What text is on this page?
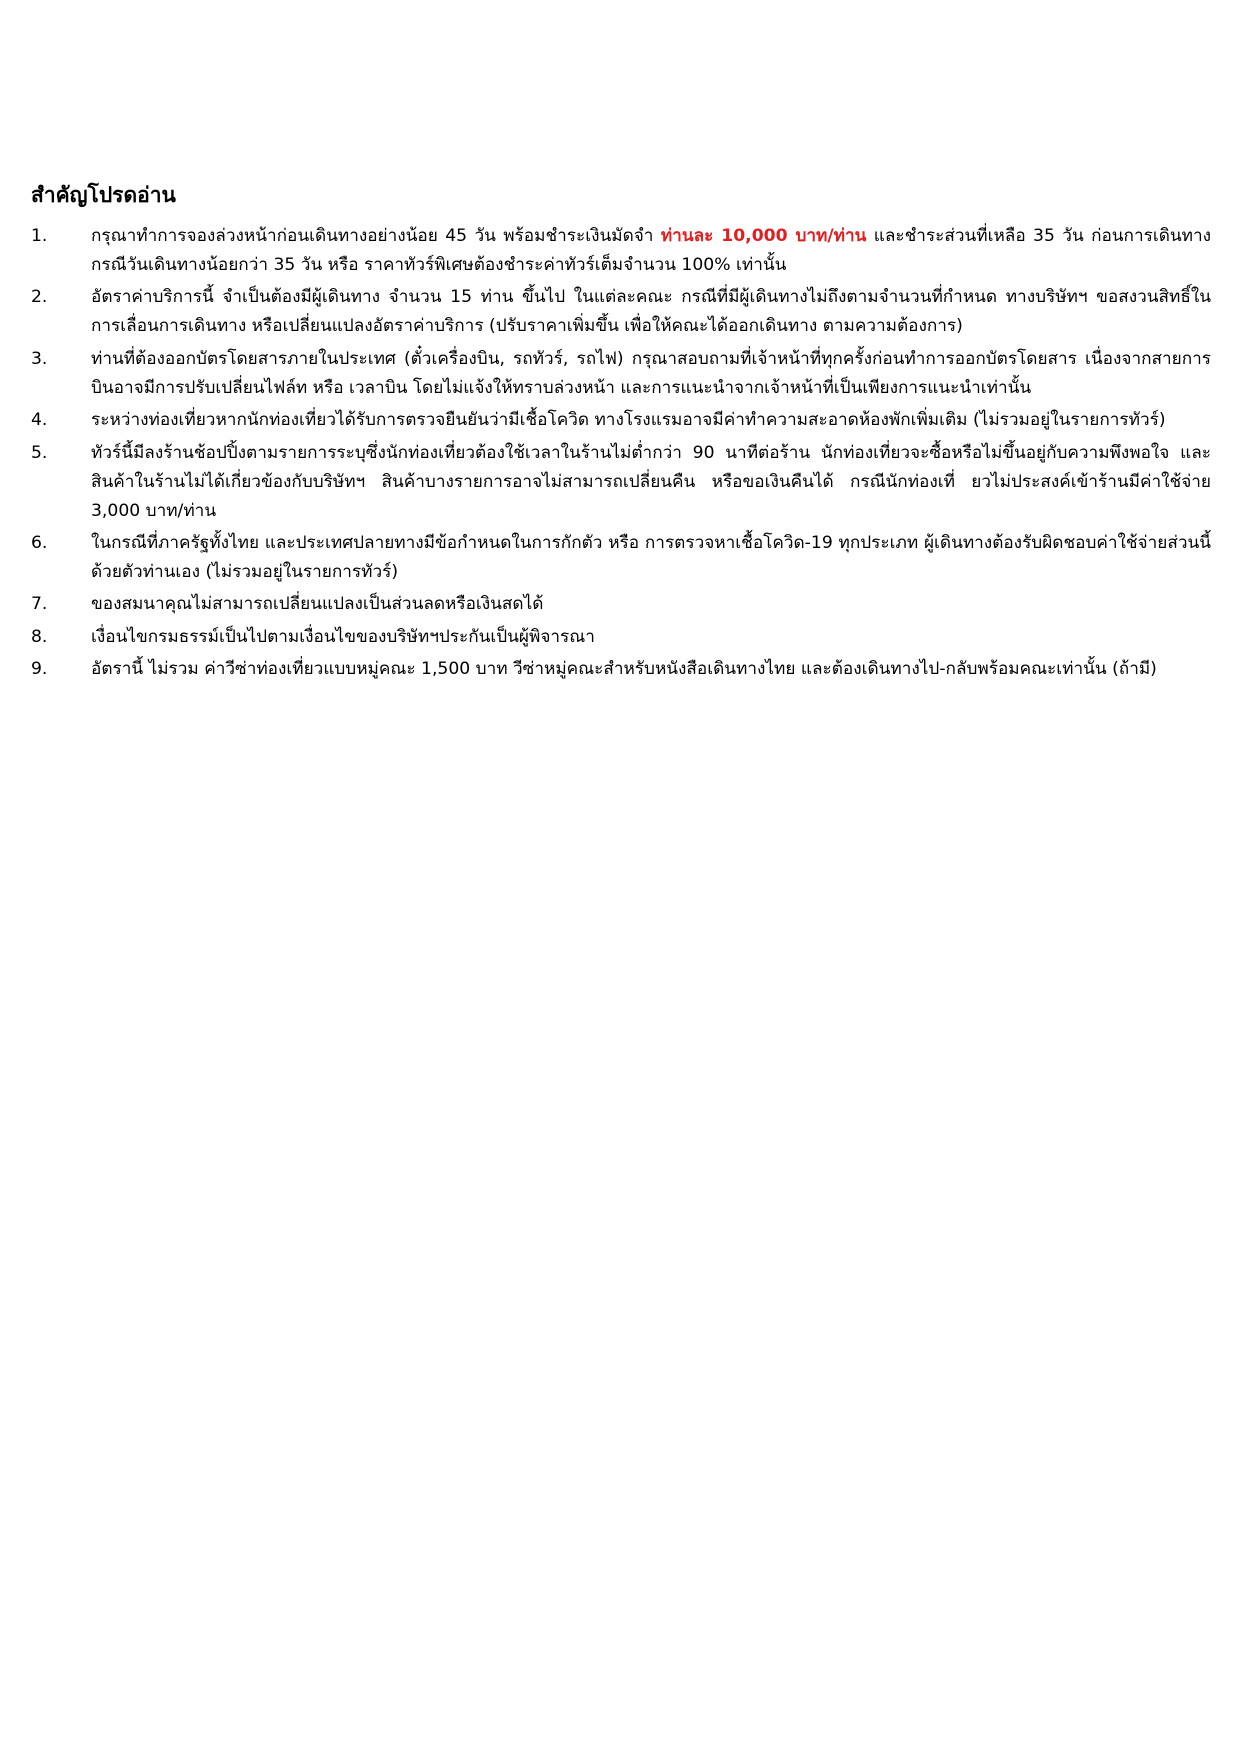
สำคัญโปรดอ่าน
1.	กรุณาทำการจองล่วงหน้าก่อนเดินทางอย่างน้อย 45 วัน พร้อมชำระเงินมัดจำ ท่านละ 10,000 บาท/ท่าน และชำระส่วนที่เหลือ 35 วัน ก่อนการเดินทาง กรณีวันเดินทางน้อยกว่า 35 วัน หรือ ราคาทัวร์พิเศษต้องชำระค่าทัวร์เต็มจำนวน 100% เท่านั้น
2.	อัตราค่าบริการนี้ จำเป็นต้องมีผู้เดินทาง จำนวน 15 ท่าน ขึ้นไป ในแต่ละคณะ กรณีที่มีผู้เดินทางไม่ถึงตามจำนวนที่กำหนด ทางบริษัทฯ ขอสงวนสิทธิ์ในการเลื่อนการเดินทาง หรือเปลี่ยนแปลงอัตราค่าบริการ (ปรับราคาเพิ่มขึ้น เพื่อให้คณะได้ออกเดินทาง ตามความต้องการ)
3.	ท่านที่ต้องออกบัตรโดยสารภายในประเทศ (ตั๋วเครื่องบิน, รถทัวร์, รถไฟ) กรุณาสอบถามที่เจ้าหน้าที่ทุกครั้งก่อนทำการออกบัตรโดยสาร เนื่องจากสายการบินอาจมีการปรับเปลี่ยนไฟล์ท หรือ เวลาบิน โดยไม่แจ้งให้ทราบล่วงหน้า และการแนะนำจากเจ้าหน้าที่เป็นเพียงการแนะนำเท่านั้น
4.	ระหว่างท่องเที่ยวหากนักท่องเที่ยวได้รับการตรวจยืนยันว่ามีเชื้อโควิด ทางโรงแรมอาจมีค่าทำความสะอาดห้องพักเพิ่มเติม (ไม่รวมอยู่ในรายการทัวร์)
5.	ทัวร์นี้มีลงร้านช้อปปิ้งตามรายการระบุซึ่งนักท่องเที่ยวต้องใช้เวลาในร้านไม่ต่ำกว่า 90 นาทีต่อร้าน นักท่องเที่ยวจะซื้อหรือไม่ขึ้นอยู่กับความพึงพอใจ และสินค้าในร้านไม่ได้เกี่ยวข้องกับบริษัทฯ สินค้าบางรายการอาจไม่สามารถเปลี่ยนคืน หรือขอเงินคืนได้ กรณีนักท่องเที่ ยวไม่ประสงค์เข้าร้านมีค่าใช้จ่าย 3,000 บาท/ท่าน
6.	ในกรณีที่ภาครัฐทั้งไทย และประเทศปลายทางมีข้อกำหนดในการกักตัว หรือ การตรวจหาเชื้อโควิด-19 ทุกประเภท ผู้เดินทางต้องรับผิดชอบค่าใช้จ่ายส่วนนี้ด้วยตัวท่านเอง (ไม่รวมอยู่ในรายการทัวร์)
7.	ของสมนาคุณไม่สามารถเปลี่ยนแปลงเป็นส่วนลดหรือเงินสดได้
8.	เงื่อนไขกรมธรรม์เป็นไปตามเงื่อนไขของบริษัทฯประกันเป็นผู้พิจารณา
9.	อัตรานี้ ไม่รวม ค่าวีซ่าท่องเที่ยวแบบหมู่คณะ 1,500 บาท วีซ่าหมู่คณะสำหรับหนังสือเดินทางไทย และต้องเดินทางไป-กลับพร้อมคณะเท่านั้น (ถ้ามี)
